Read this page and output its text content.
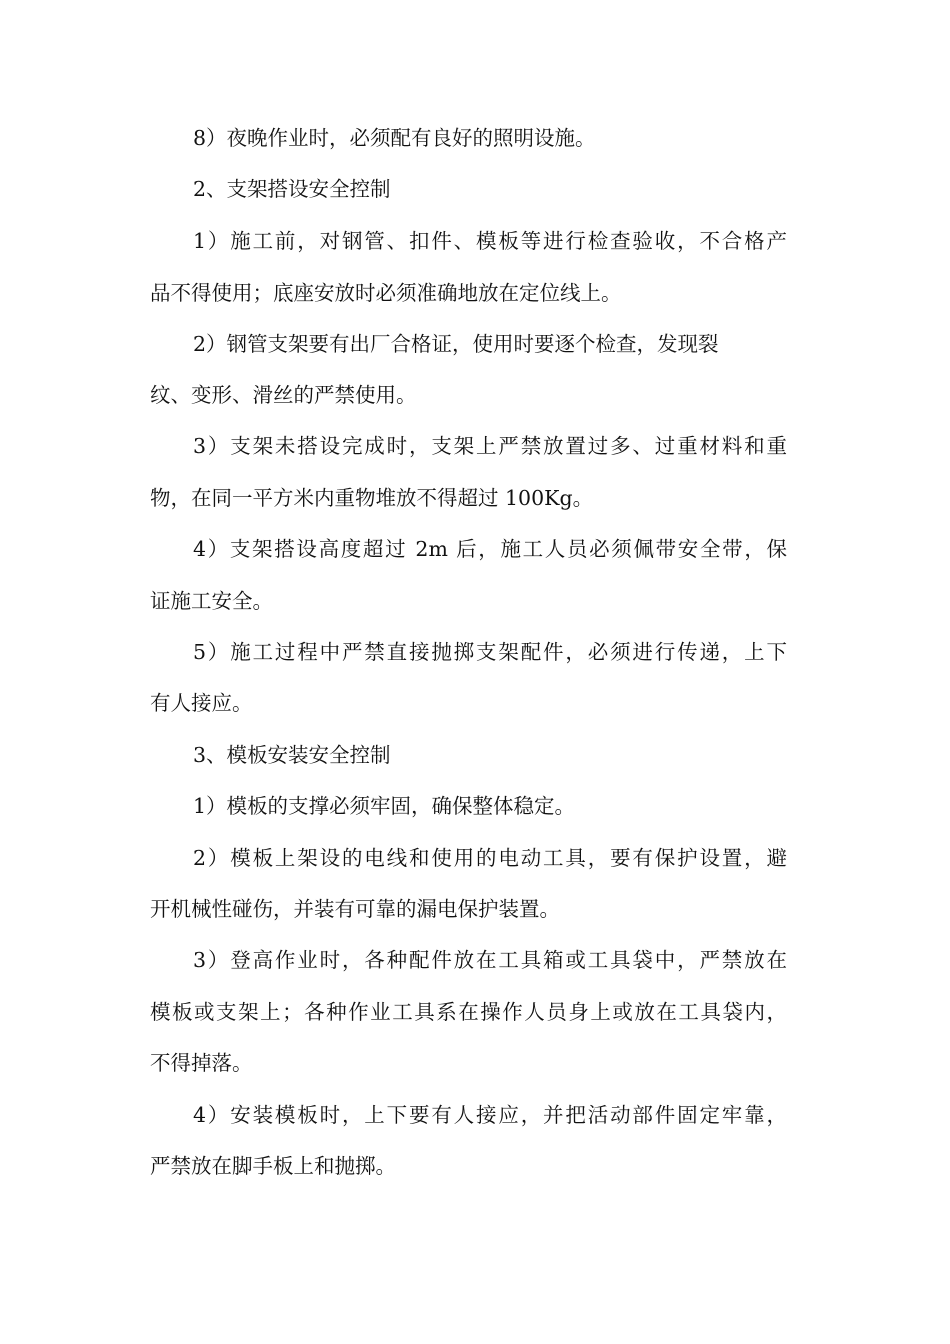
8）夜晚作业时，必须配有良好的照明设施。

2、支架搭设安全控制

1）施工前，对钢管、扣件、模板等进行检查验收，不合格产

品不得使用；底座安放时必须准确地放在定位线上。

2）钢管支架要有出厂合格证，使用时要逐个检查，发现裂

纹、变形、滑丝的严禁使用。

3）支架未搭设完成时，支架上严禁放置过多、过重材料和重

物，在同一平方米内重物堆放不得超过 100Kg。

4）支架搭设高度超过 2m 后，施工人员必须佩带安全带，保

证施工安全。

5）施工过程中严禁直接抛掷支架配件，必须进行传递，上下

有人接应。

3、模板安装安全控制

1）模板的支撑必须牢固，确保整体稳定。

2）模板上架设的电线和使用的电动工具，要有保护设置，避

开机械性碰伤，并装有可靠的漏电保护装置。

3）登高作业时，各种配件放在工具箱或工具袋中，严禁放在

模板或支架上；各种作业工具系在操作人员身上或放在工具袋内，

不得掉落。

4）安装模板时，上下要有人接应，并把活动部件固定牢靠，

严禁放在脚手板上和抛掷。
